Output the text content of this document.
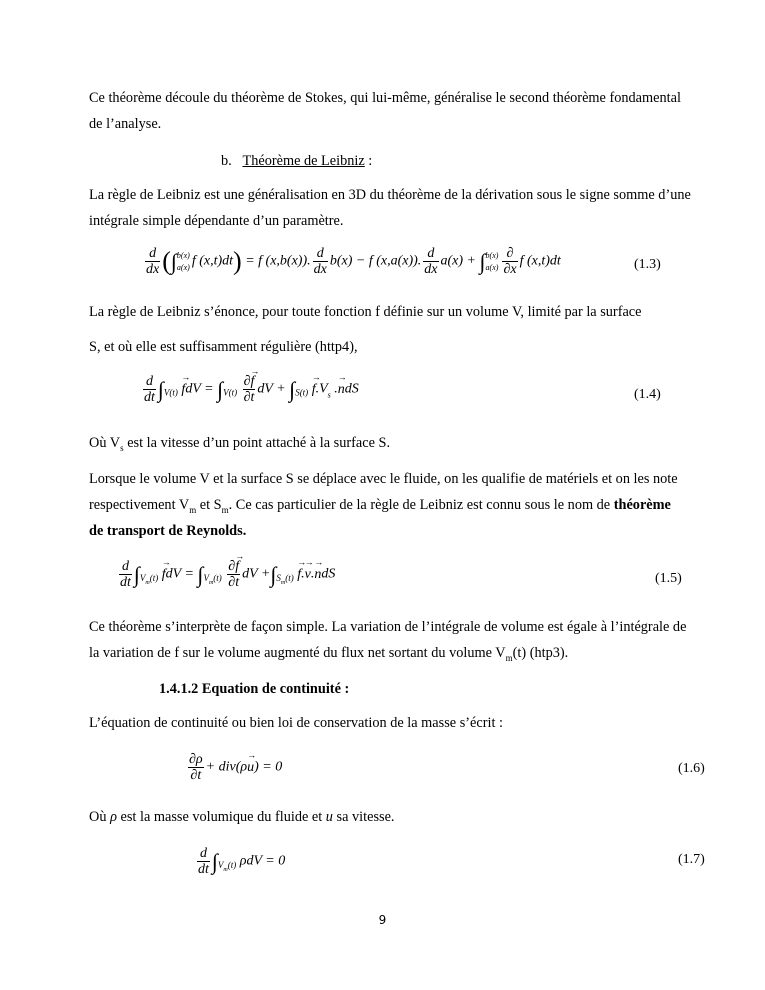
Ce théorème découle du théorème de Stokes, qui lui-même, généralise le second théorème fondamental

de l’analyse.

b. Théorème de Leibniz :

La règle de Leibniz est une généralisation en 3D du théorème de la dérivation sous le signe somme d’une

intégrale simple dépendante d’un paramètre.

$\frac{d}{dx}$ (∫ b(x)
a(x) f (x,t)dt) = f (x,b(x)). $\frac{d}{dx} b(x) - f$ (x,a(x)). $\frac{d}{dx} a(x)$ + ∫ b(x)
$a(x) \frac{\partial}{\partial x}$ f (x,t)dt	(1.3)

La règle de Leibniz s’énonce, pour toute fonction f définie sur un volume V, limité par la surface

S, et où elle est suffisamment régulière (http4),

$\frac{d}{dt} \int_{V(t)}$ → fdV = $\int_{V(t)} \frac{\partial\to f}{\partial t}$ dV + $\int_{S(t)} \to f.V_s$ .→ ndS	(1.4)

Où $V_s$ est la vitesse d’un point attaché à la surface S.

Lorsque le volume V et la surface S se déplace avec le fluide, on les qualifie de matériels et on les note

respectivement $V_m$ et $S_m$. Ce cas particulier de la règle de Leibniz est connu sous le nom de théorème

de transport de Reynolds.

$\frac{d}{dt} \int_{V_m(t)}$ → fdV = $\int_{V_m(t)} \frac{\partial\to f}{\partial t}$ dV $+\int_{S_m(t)} \to f.\to v.\to$ ndS	(1.5)

Ce théorème s’interprète de façon simple. La variation de l’intégrale de volume est égale à l’intégrale de

la variation de f sur le volume augmenté du flux net sortant du volume $V_m(t)$ (htp3).

1.4.1.2 Equation de continuité :

L’équation de continuité ou bien loi de conservation de la masse s’écrit :

$\frac{\partial\rho}{\partial t} + div(\rho\to u) = 0$	(1.6)

Où ρ est la masse volumique du fluide et u sa vitesse.

$\frac{d}{dt} \int_{V_m(t)}$ ρdV = 0	(1.7)
9
